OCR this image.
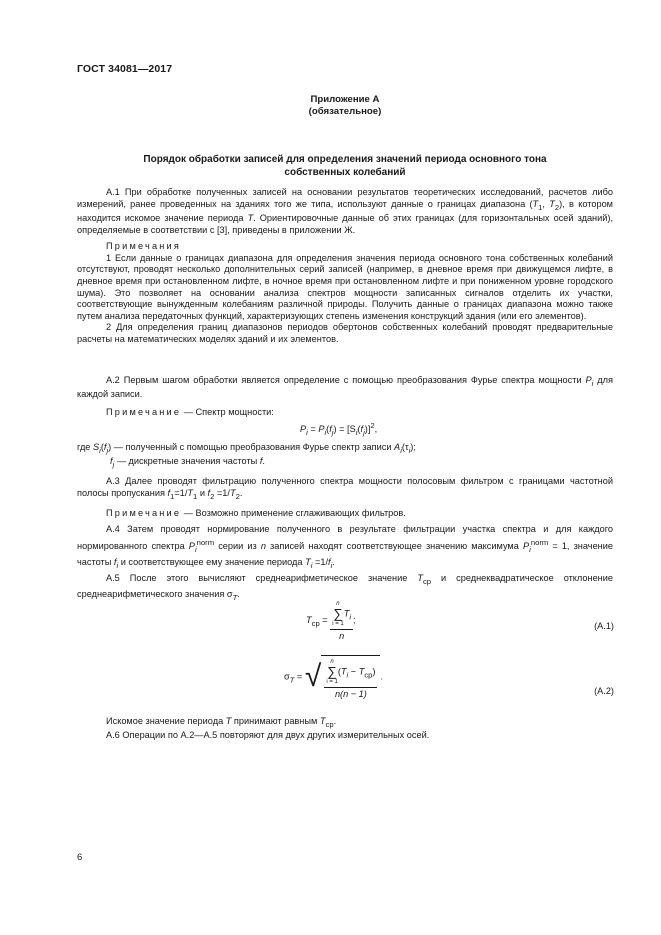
ГОСТ 34081—2017
Приложение А
(обязательное)
Порядок обработки записей для определения значений периода основного тона
собственных колебаний

А.1 При обработке полученных записей на основании результатов теоретических исследований, расчетов либо измерений, ранее проведенных на зданиях того же типа, используют данные о границах диапазона ($T_1$, $T_2$), в котором находится искомое значение периода T. Ориентировочные данные об этих границах (для горизонтальных осей зданий), определяемые в соответствии с [3], приведены в приложении Ж.

Примечания

1 Если данные о границах диапазона для определения значения периода основного тона собственных колебаний отсутствуют, проводят несколько дополнительных серий записей (например, в дневное время при движущемся лифте, в дневное время при остановленном лифте, в ночное время при остановленном лифте и при пониженном уровне городского шума). Это позволяет на основании анализа спектров мощности записанных сигналов отделить их участки, соответствующие вынужденным колебаниям различной природы. Получить данные о границах диапазона можно также путем анализа передаточных функций, характеризующих степень изменения конструкций здания (или его элементов).

2 Для определения границ диапазонов периодов обертонов собственных колебаний проводят предварительные расчеты на математических моделях зданий и их элементов.

А.2 Первым шагом обработки является определение с помощью преобразования Фурье спектра мощности $P_i$ для каждой записи.

Примечание — Спектр мощности:

$P_i = P_i(f_j) = [S_i(f_j)]^2$,

где $S_i(f_j)$ — полученный с помощью преобразования Фурье спектр записи $A_i(\tau_i)$;

$f_j$ — дискретные значения частоты f.

А.3 Далее проводят фильтрацию полученного спектра мощности полосовым фильтром с границами частотной полосы пропускания $f_1=1/T_1$ и $f_2 =1/T_2$.

Примечание — Возможно применение сглаживающих фильтров.

А.4 Затем проводят нормирование полученного в результате фильтрации участка спектра и для каждого нормированного спектра $P_i^{norm}$ серии из n записей находят соответствующее значению максимума $P_i^{norm} = 1$, значение частоты $f_i$ и соответствующее ему значение периода $T_i =1/f_i$.

А.5 После этого вычисляют среднеарифметическое значение $T_{cp}$ и среднеквадратическое отклонение среднеарифметического значения $\sigma_T$.

$T_{cp} = n$
∑
i = 1
$T_i$
n ;
(А.1)
$\sigma_T$ = √ n
∑
i = 1
$(T_i - T_{cp})$
n(n − 1) .
(А.2)

Искомое значение периода T принимают равным $T_{cp}$.

А.6 Операции по А.2—А.5 повторяют для двух других измерительных осей.

6
